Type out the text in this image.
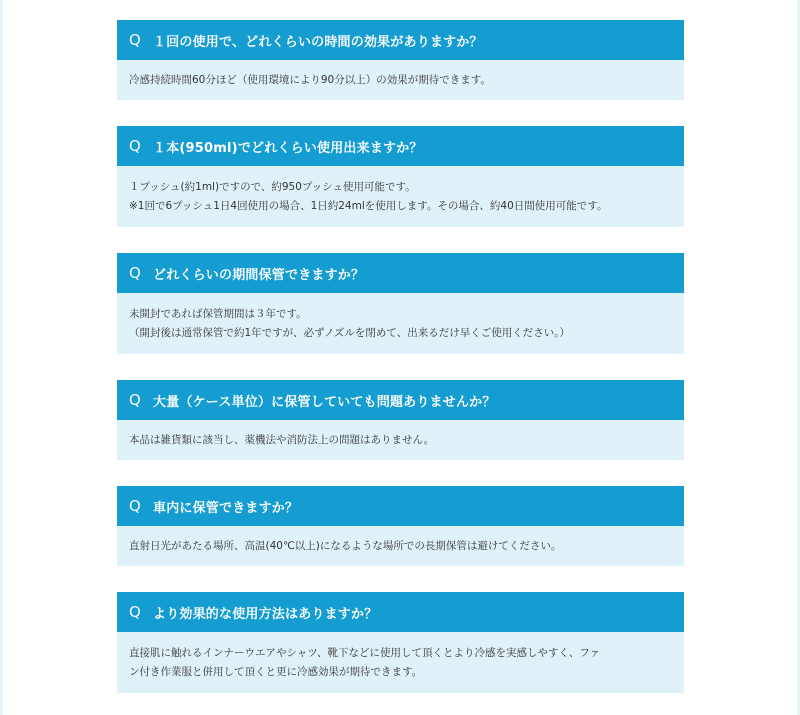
Q １回の使用で、どれくらいの時間の効果がありますか？

冷感持続時間60分ほど（使用環境により90分以上）の効果が期待できます。

Q １本(950ml)でどれくらい使用出来ますか？

１プッシュ(約1ml)ですので、約950プッシュ使用可能です。

※1回で6プッシュ1日4回使用の場合、1日約24mlを使用します。その場合、約40日間使用可能です。

Q どれくらいの期間保管できますか？

未開封であれば保管期間は３年です。

（開封後は通常保管で約1年ですが、必ずノズルを閉めて、出来るだけ早くご使用ください。）

Q 大量（ケース単位）に保管していても問題ありませんか？

本品は雑貨類に該当し、薬機法や消防法上の問題はありません。

Q 車内に保管できますか？

直射日光があたる場所、高温(40℃以上)になるような場所での長期保管は避けてください。

Q より効果的な使用方法はありますか？

直接肌に触れるインナーウエアやシャツ、靴下などに使用して頂くとより冷感を実感しやすく、ファ

ン付き作業服と併用して頂くと更に冷感効果が期待できます。
